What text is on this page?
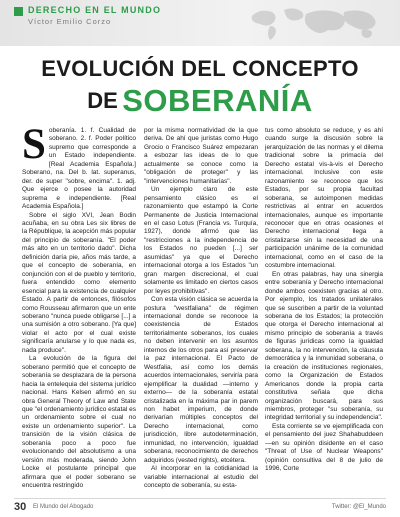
DERECHO EN EL MUNDO
Víctor Emilio Corzo
EVOLUCIÓN DEL CONCEPTO
DE SOBERANÍA

Soberanía. 1. f. Cualidad de soberano. 2. f. Poder político supremo que corresponde a un Estado independiente. [Real Academia Española.] Soberano, na. Del b. lat. superanus, der. de super "sobre, encima". 1. adj. Que ejerce o posee la autoridad suprema e independiente. [Real Academia Española.]

Sobre el siglo XVI, Jean Bodin acuñaba, en su obra Les six libres de la République, la acepción más popular del principio de soberanía. "El poder más alto en un territorio dado". Dicha definición daría pie, años más tarde, a que el concepto de soberanía, en conjunción con el de pueblo y territorio, fuera entendido como elemento esencial para la existencia de cualquier Estado. A partir de entonces, filósofos como Rousseau afirmaron que un ente soberano "nunca puede obligarse [...] a una sumisión a otro soberano. [Ya que] violar el acto por el cual existe significaría anularse y lo que nada es, nada produce".

La evolución de la figura del soberano permitió que el concepto de soberanía se desplazara de la persona hacia la entelequia del sistema jurídico nacional. Hans Kelsen afirmó en su obra General Theory of Law and State que "el ordenamiento jurídico estatal es un ordenamiento sobre el cual no existe un ordenamiento superior". La transición de la visión clásica de soberanía poco a poco fue evolucionando del absolutismo a una versión más moderada, siendo John Locke el postulante principal que afirmara que el poder soberano se encuentra restringido

por la misma normatividad de la que deriva. De ahí que juristas como Hugo Grocio o Francisco Suárez empezaran a esbozar las ideas de lo que actualmente se conoce como la "obligación de proteger" y las "intervenciones humanitarias".

Un ejemplo claro de este pensamiento clásico es el razonamiento que estampó la Corte Permanente de Justicia Internacional en el caso Lotus (Francia vs. Turquía, 1927), donde afirmó que las "restricciones a la independencia de los Estados no pueden [...] ser asumidas" ya que el Derecho internacional otorga a los Estados "un gran margen discrecional, el cual solamente es limitado en ciertos casos por leyes prohibitivas".

Con esta visión clásica se acuerda la postura "westfaliana" de régimen internacional donde se reconoce la coexistencia de Estados territorialmente soberanos, los cuales no deben intervenir en los asuntos internos de los otros para así preservar la paz internacional. El Pacto de Westfalia, así como los demás acuerdos internacionales, serviría para ejemplificar la dualidad —interno y externo— de la soberanía estatal cristalizada en la máxima par in parem non habet imperium, de donde derivarían múltiples conceptos del Derecho internacional, como jurisdicción, libre autodeterminación, inmunidad, no intervención, igualdad soberana, reconocimiento de derechos adquiridos (vested rights), etcétera.

Al incorporar en la cotidianidad la variable internacional al estudio del concepto de soberanía, su esta-

tus como absoluto se reduce, y es ahí cuando surge la discusión sobre la jerarquización de las normas y el dilema tradicional sobre la primacía del Derecho estatal vis-à-vis el Derecho internacional. Inclusive con este razonamiento se reconoce que los Estados, por su propia facultad soberana, se autoimponen medidas restrictivas al entrar en acuerdos internacionales, aunque es importante reconocer que en otras ocasiones el Derecho internacional llega a cristalizarse sin la necesidad de una participación unánime de la comunidad internacional, como en el caso de la costumbre internacional.

En otras palabras, hay una sinergia entre soberanía y Derecho internacional donde ambos coexisten gracias al otro. Por ejemplo, los tratados unilaterales que se suscriben a partir de la voluntad soberana de los Estados; la protección que otorga el Derecho internacional al mismo principio de soberanía a través de figuras jurídicas como la igualdad soberana, la no intervención, la cláusula democrática y la inmunidad soberana, o la creación de instituciones regionales, como la Organización de Estados Americanos donde la propia carta constitutiva señala que dicha organización buscará, para sus miembros, proteger "su soberanía, su integridad territorial y su independencia".

Esta corriente se ve ejemplificada con el pensamiento del juez Shahabuddeen —en su opinión disidente en el caso "Threat of Use of Nuclear Weapons" (opinión consultiva del 8 de julio de 1996, Corte

30 El Mundo del Abogado	Twitter: @El_Mundo
